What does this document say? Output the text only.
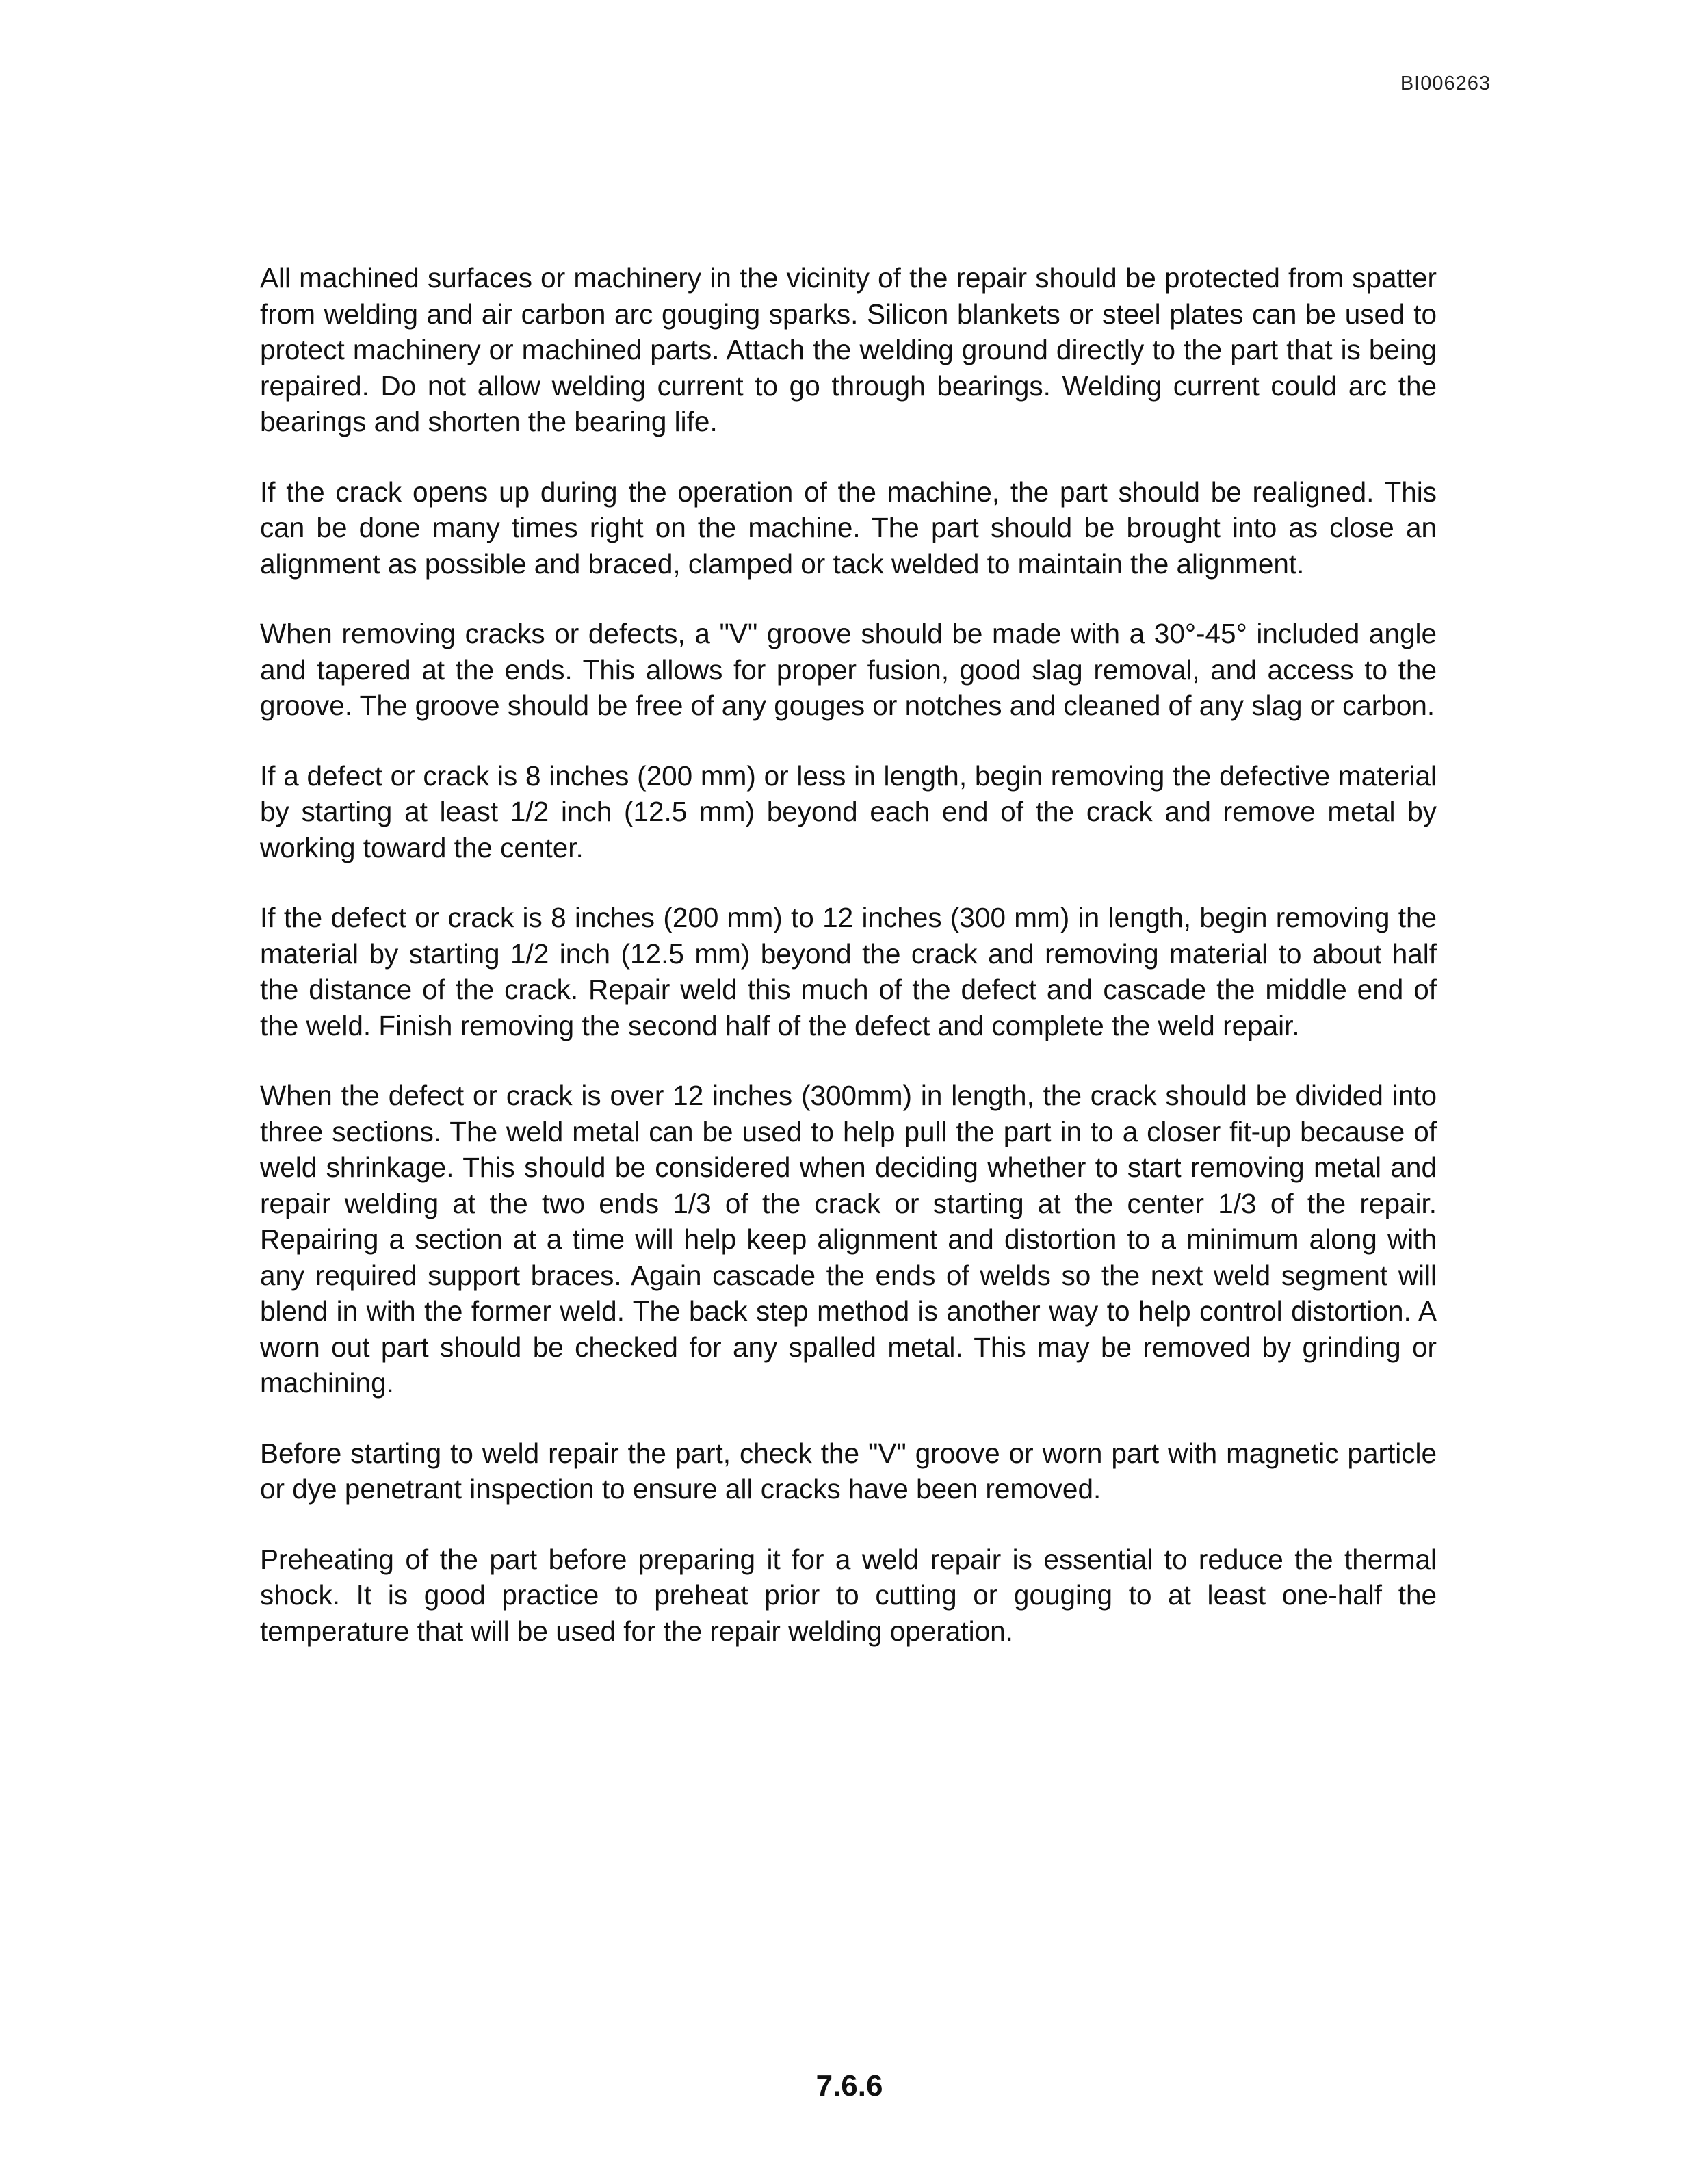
BI006263

All machined surfaces or machinery in the vicinity of the repair should be protected from spatter from welding and air carbon arc gouging sparks. Silicon blankets or steel plates can be used to protect machinery or machined parts. Attach the welding ground directly to the part that is being repaired. Do not allow welding current to go through bearings. Welding current could arc the bearings and shorten the bearing life.

If the crack opens up during the operation of the machine, the part should be realigned. This can be done many times right on the machine. The part should be brought into as close an alignment as possible and braced, clamped or tack welded to maintain the alignment.

When removing cracks or defects, a "V" groove should be made with a 30°-45° included angle and tapered at the ends. This allows for proper fusion, good slag removal, and access to the groove. The groove should be free of any gouges or notches and cleaned of any slag or carbon.

If a defect or crack is 8 inches (200 mm) or less in length, begin removing the defective material by starting at least 1/2 inch (12.5 mm) beyond each end of the crack and remove metal by working toward the center.

If the defect or crack is 8 inches (200 mm) to 12 inches (300 mm) in length, begin removing the material by starting 1/2 inch (12.5 mm) beyond the crack and removing material to about half the distance of the crack. Repair weld this much of the defect and cascade the middle end of the weld. Finish removing the second half of the defect and complete the weld repair.

When the defect or crack is over 12 inches (300mm) in length, the crack should be divided into three sections. The weld metal can be used to help pull the part in to a closer fit-up because of weld shrinkage. This should be considered when deciding whether to start removing metal and repair welding at the two ends 1/3 of the crack or starting at the center 1/3 of the repair. Repairing a section at a time will help keep alignment and distortion to a minimum along with any required support braces. Again cascade the ends of welds so the next weld segment will blend in with the former weld. The back step method is another way to help control distortion. A worn out part should be checked for any spalled metal. This may be removed by grinding or machining.

Before starting to weld repair the part, check the "V" groove or worn part with magnetic particle or dye penetrant inspection to ensure all cracks have been removed.

Preheating of the part before preparing it for a weld repair is essential to reduce the thermal shock. It is good practice to preheat prior to cutting or gouging to at least one-half the temperature that will be used for the repair welding operation.

7.6.6
